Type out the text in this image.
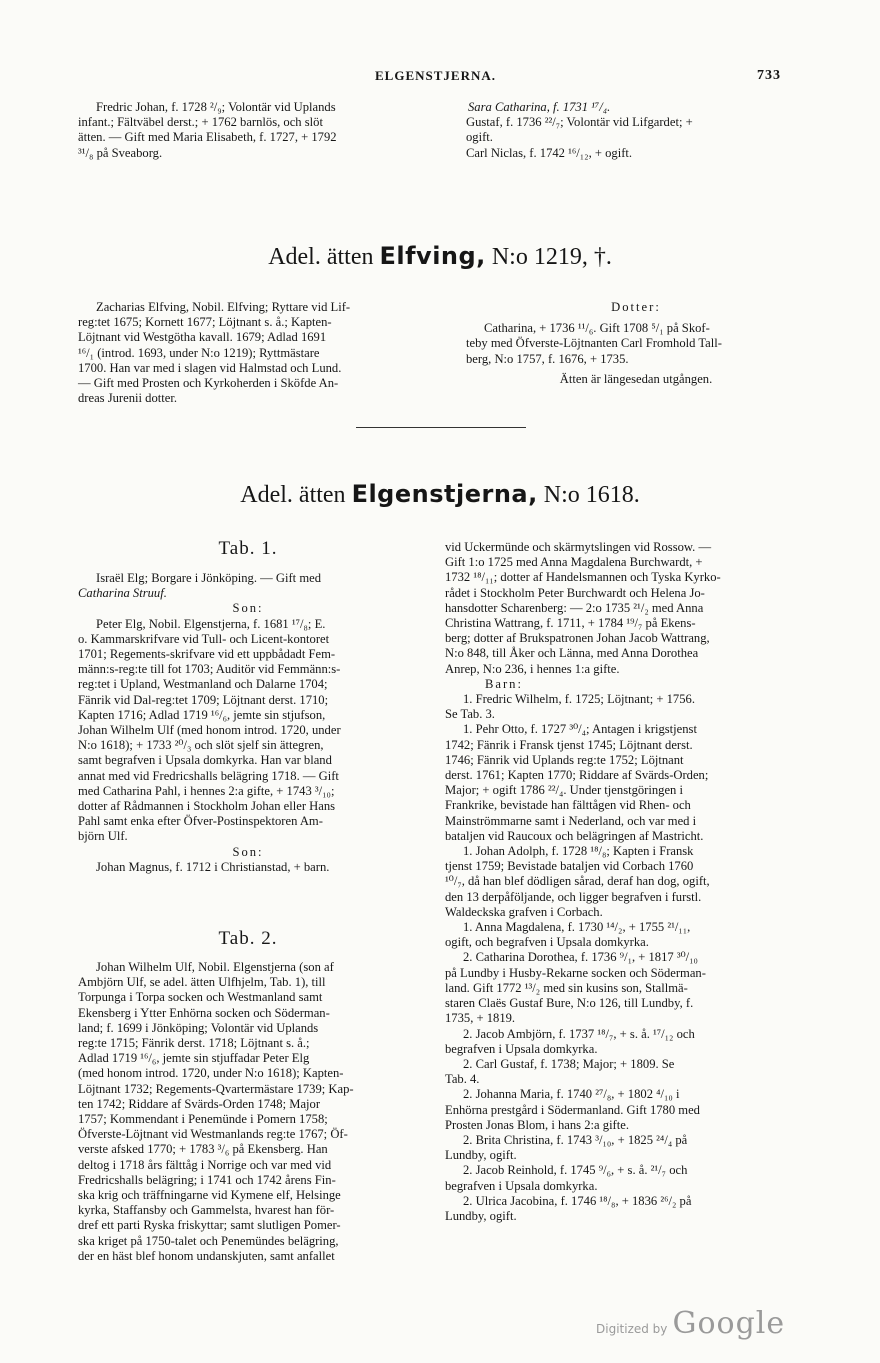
ELGENSTJERNA.	733

Fredric Johan, f. 1728 ²/₉; Volontär vid Uplands

infant.; Fältväbel derst.; + 1762 barnlös, och slöt

ätten. — Gift med Maria Elisabeth, f. 1727, + 1792

³¹/₈ på Sveaborg.

Sara Catharina, f. 1731 ¹⁷/₄.

Gustaf, f. 1736 ²²/₇; Volontär vid Lifgardet; +

ogift.

Carl Niclas, f. 1742 ¹⁶/₁₂, + ogift.

Adel. ätten Elfving, N:o 1219, †.

Zacharias Elfving, Nobil. Elfving; Ryttare vid Lif-

reg:tet 1675; Kornett 1677; Löjtnant s. å.; Kapten-

Löjtnant vid Westgötha kavall. 1679; Adlad 1691

¹⁶/₁ (introd. 1693, under N:o 1219); Ryttmästare

1700. Han var med i slagen vid Halmstad och Lund.

— Gift med Prosten och Kyrkoherden i Sköfde An-

dreas Jurenii dotter.

Dotter:

Catharina, + 1736 ¹¹/₆. Gift 1708 ⁵/₁ på Skof-

teby med Öfverste-Löjtnanten Carl Fromhold Tall-

berg, N:o 1757, f. 1676, + 1735.

Ätten är längesedan utgången.

Adel. ätten Elgenstjerna, N:o 1618.
Tab. 1.

Israël Elg; Borgare i Jönköping. — Gift med

Catharina Struuf.

Son:

Peter Elg, Nobil. Elgenstjerna, f. 1681 ¹⁷/₈; E.

o. Kammarskrifvare vid Tull- och Licent-kontoret

1701; Regements-skrifvare vid ett uppbådadt Fem-

männ:s-reg:te till fot 1703; Auditör vid Femmänn:s-

reg:tet i Upland, Westmanland och Dalarne 1704;

Fänrik vid Dal-reg:tet 1709; Löjtnant derst. 1710;

Kapten 1716; Adlad 1719 ¹⁶/₆, jemte sin stjufson,

Johan Wilhelm Ulf (med honom introd. 1720, under

N:o 1618); + 1733 ²⁰/₃ och slöt sjelf sin ättegren,

samt begrafven i Upsala domkyrka. Han var bland

annat med vid Fredricshalls belägring 1718. — Gift

med Catharina Pahl, i hennes 2:a gifte, + 1743 ³/₁₀;

dotter af Rådmannen i Stockholm Johan eller Hans

Pahl samt enka efter Öfver-Postinspektoren Am-

björn Ulf.

Son:

Johan Magnus, f. 1712 i Christianstad, + barn.

Tab. 2.

Johan Wilhelm Ulf, Nobil. Elgenstjerna (son af

Ambjörn Ulf, se adel. ätten Ulfhjelm, Tab. 1), till

Torpunga i Torpa socken och Westmanland samt

Ekensberg i Ytter Enhörna socken och Söderman-

land; f. 1699 i Jönköping; Volontär vid Uplands

reg:te 1715; Fänrik derst. 1718; Löjtnant s. å.;

Adlad 1719 ¹⁶/₆, jemte sin stjuffadar Peter Elg

(med honom introd. 1720, under N:o 1618); Kapten-

Löjtnant 1732; Regements-Qvartermästare 1739; Kap-

ten 1742; Riddare af Svärds-Orden 1748; Major

1757; Kommendant i Penemünde i Pomern 1758;

Öfverste-Löjtnant vid Westmanlands reg:te 1767; Öf-

verste afsked 1770; + 1783 ³/₆ på Ekensberg. Han

deltog i 1718 års fälttåg i Norrige och var med vid

Fredricshalls belägring; i 1741 och 1742 årens Fin-

ska krig och träffningarne vid Kymene elf, Helsinge

kyrka, Staffansby och Gammelsta, hvarest han för-

dref ett parti Ryska friskyttar; samt slutligen Pomer-

ska kriget på 1750-talet och Penemündes belägring,

der en häst blef honom undanskjuten, samt anfallet

vid Uckermünde och skärmytslingen vid Rossow. —

Gift 1:o 1725 med Anna Magdalena Burchwardt, +

1732 ¹⁸/₁₁; dotter af Handelsmannen och Tyska Kyrko-

rådet i Stockholm Peter Burchwardt och Helena Jo-

hansdotter Scharenberg: — 2:o 1735 ²¹/₂ med Anna

Christina Wattrang, f. 1711, + 1784 ¹⁹/₇ på Ekens-

berg; dotter af Brukspatronen Johan Jacob Wattrang,

N:o 848, till Åker och Länna, med Anna Dorothea

Anrep, N:o 236, i hennes 1:a gifte.

Barn:

1. Fredric Wilhelm, f. 1725; Löjtnant; + 1756.

Se Tab. 3.

1. Pehr Otto, f. 1727 ³⁰/₄; Antagen i krigstjenst

1742; Fänrik i Fransk tjenst 1745; Löjtnant derst.

1746; Fänrik vid Uplands reg:te 1752; Löjtnant

derst. 1761; Kapten 1770; Riddare af Svärds-Orden;

Major; + ogift 1786 ²²/₄. Under tjenstgöringen i

Frankrike, bevistade han fälttågen vid Rhen- och

Mainströmmarne samt i Nederland, och var med i

bataljen vid Raucoux och belägringen af Mastricht.

1. Johan Adolph, f. 1728 ¹⁸/₈; Kapten i Fransk

tjenst 1759; Bevistade bataljen vid Corbach 1760

¹⁰/₇, då han blef dödligen sårad, deraf han dog, ogift,

den 13 derpåföljande, och ligger begrafven i furstl.

Waldeckska grafven i Corbach.

1. Anna Magdalena, f. 1730 ¹⁴/₂, + 1755 ²¹/₁₁,

ogift, och begrafven i Upsala domkyrka.

2. Catharina Dorothea, f. 1736 ⁹/₁, + 1817 ³⁰/₁₀

på Lundby i Husby-Rekarne socken och Söderman-

land. Gift 1772 ¹³/₂ med sin kusins son, Stallmä-

staren Claës Gustaf Bure, N:o 126, till Lundby, f.

1735, + 1819.

2. Jacob Ambjörn, f. 1737 ¹⁸/₇, + s. å. ¹⁷/₁₂ och

begrafven i Upsala domkyrka.

2. Carl Gustaf, f. 1738; Major; + 1809. Se

Tab. 4.

2. Johanna Maria, f. 1740 ²⁷/₈, + 1802 ⁴/₁₀ i

Enhörna prestgård i Södermanland. Gift 1780 med

Prosten Jonas Blom, i hans 2:a gifte.

2. Brita Christina, f. 1743 ³/₁₀, + 1825 ²⁴/₄ på

Lundby, ogift.

2. Jacob Reinhold, f. 1745 ⁹/₆, + s. å. ²¹/₇ och

begrafven i Upsala domkyrka.

2. Ulrica Jacobina, f. 1746 ¹⁸/₈, + 1836 ²⁶/₂ på

Lundby, ogift.

Digitized by Google
